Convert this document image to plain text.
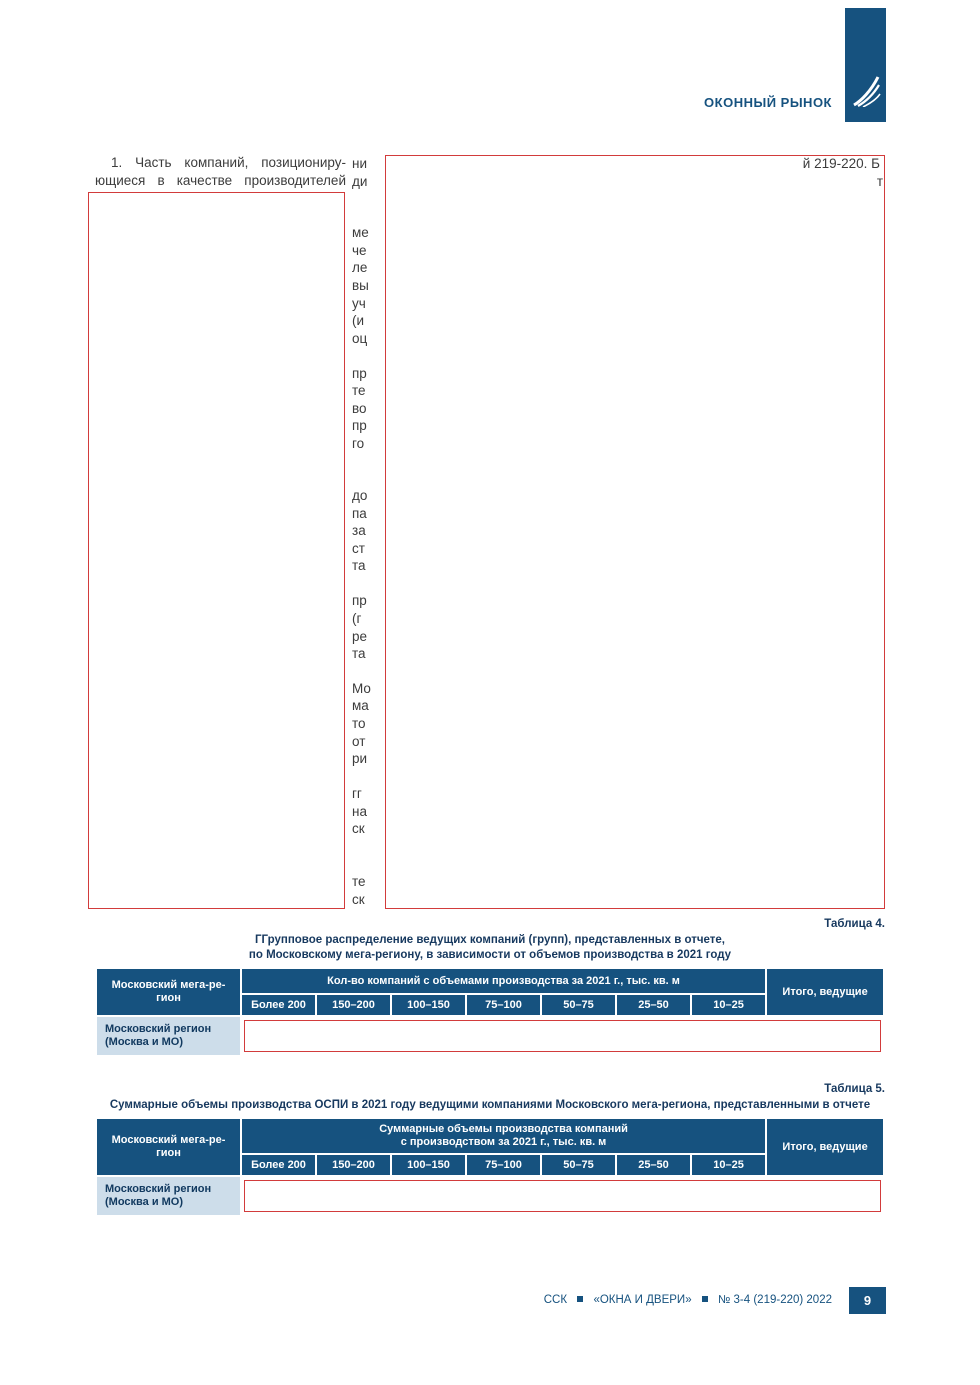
ОКОННЫЙ РЫНОК
1. Часть компаний, позициониру-
ющиеся в качестве производителей
ни
ди
ме
че
ле
вы
уч
(и
оц
пр
те
во
пр
го
до
па
за
ст
та
пр
(г
ре
та
Мо
ма
то
от
ри
гг
на
ск
те
ск
й 219-220. Б
т
Таблица 4.
ГГрупповое распределение ведущих компаний (групп), представленных в отчете,
по Московскому мега-региону, в зависимости от объемов производства в 2021 году
Московский мега-ре-
гион	Кол-во компаний с объемами производства за 2021 г., тыс. кв. м							Итого, ведущие
	Более 200	150–200	100–150	75–100	50–75	25–50	10–25	
Московский регион (Москва и МО)								
Таблица 5.
Суммарные объемы производства ОСПИ в 2021 году ведущими компаниями Московского мега-региона, представленными в отчете
Московский мега-ре-
гион	
Суммарные объемы производства компаний
с производством за 2021 г., тыс. кв. м	Итого, ведущие
	Более 200	150–200	100–150	75–100	50–75	25–50	10–25	
Московский регион (Москва и МО)								
ССК «ОКНА И ДВЕРИ» № 3-4 (219-220) 2022	9
